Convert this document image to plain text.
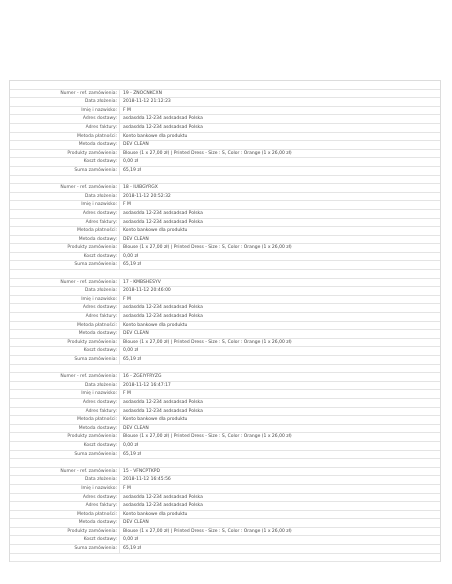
Numer - ref. zamówienia:	19 - ZNOCNKCXN
Data złożenia:	2018-11-12 21:12:23
Imię i nazwisko:	F M
Adres dostawy:	asdasdda 12-234 asdsadsad Polska
Adres faktury:	asdasdda 12-234 asdsadsad Polska
Metoda płatności:	Konto bankowe dla produktu
Metoda dostawy:	DEV CLEAN
Produkty zamówienia:	Blouse (1 x 27,00 zł) | Printed Dress - Size : S, Color : Orange (1 x 26,00 zł)
Koszt dostawy:	0,00 zł
Suma zamówienia:	65,19 zł
Numer - ref. zamówienia:	18 - IUIBGYRGX
Data złożenia:	2018-11-12 20:52:32
Imię i nazwisko:	F M
Adres dostawy:	asdasdda 12-234 asdsadsad Polska
Adres faktury:	asdasdda 12-234 asdsadsad Polska
Metoda płatności:	Konto bankowe dla produktu
Metoda dostawy:	DEV CLEAN
Produkty zamówienia:	Blouse (1 x 27,00 zł) | Printed Dress - Size : S, Color : Orange (1 x 26,00 zł)
Koszt dostawy:	0,00 zł
Suma zamówienia:	65,19 zł
Numer - ref. zamówienia:	17 - KMBSHESYV
Data złożenia:	2018-11-12 20:46:00
Imię i nazwisko:	F M
Adres dostawy:	asdasdda 12-234 asdsadsad Polska
Adres faktury:	asdasdda 12-234 asdsadsad Polska
Metoda płatności:	Konto bankowe dla produktu
Metoda dostawy:	DEV CLEAN
Produkty zamówienia:	Blouse (1 x 27,00 zł) | Printed Dress - Size : S, Color : Orange (1 x 26,00 zł)
Koszt dostawy:	0,00 zł
Suma zamówienia:	65,19 zł
Numer - ref. zamówienia:	16 - ZGEIYFRYZG
Data złożenia:	2018-11-12 16:47:17
Imię i nazwisko:	F M
Adres dostawy:	asdasdda 12-234 asdsadsad Polska
Adres faktury:	asdasdda 12-234 asdsadsad Polska
Metoda płatności:	Konto bankowe dla produktu
Metoda dostawy:	DEV CLEAN
Produkty zamówienia:	Blouse (1 x 27,00 zł) | Printed Dress - Size : S, Color : Orange (1 x 26,00 zł)
Koszt dostawy:	0,00 zł
Suma zamówienia:	65,19 zł
Numer - ref. zamówienia:	15 - VFNCPTKPD
Data złożenia:	2018-11-12 16:45:56
Imię i nazwisko:	F M
Adres dostawy:	asdasdda 12-234 asdsadsad Polska
Adres faktury:	asdasdda 12-234 asdsadsad Polska
Metoda płatności:	Konto bankowe dla produktu
Metoda dostawy:	DEV CLEAN
Produkty zamówienia:	Blouse (1 x 27,00 zł) | Printed Dress - Size : S, Color : Orange (1 x 26,00 zł)
Koszt dostawy:	0,00 zł
Suma zamówienia:	65,19 zł
